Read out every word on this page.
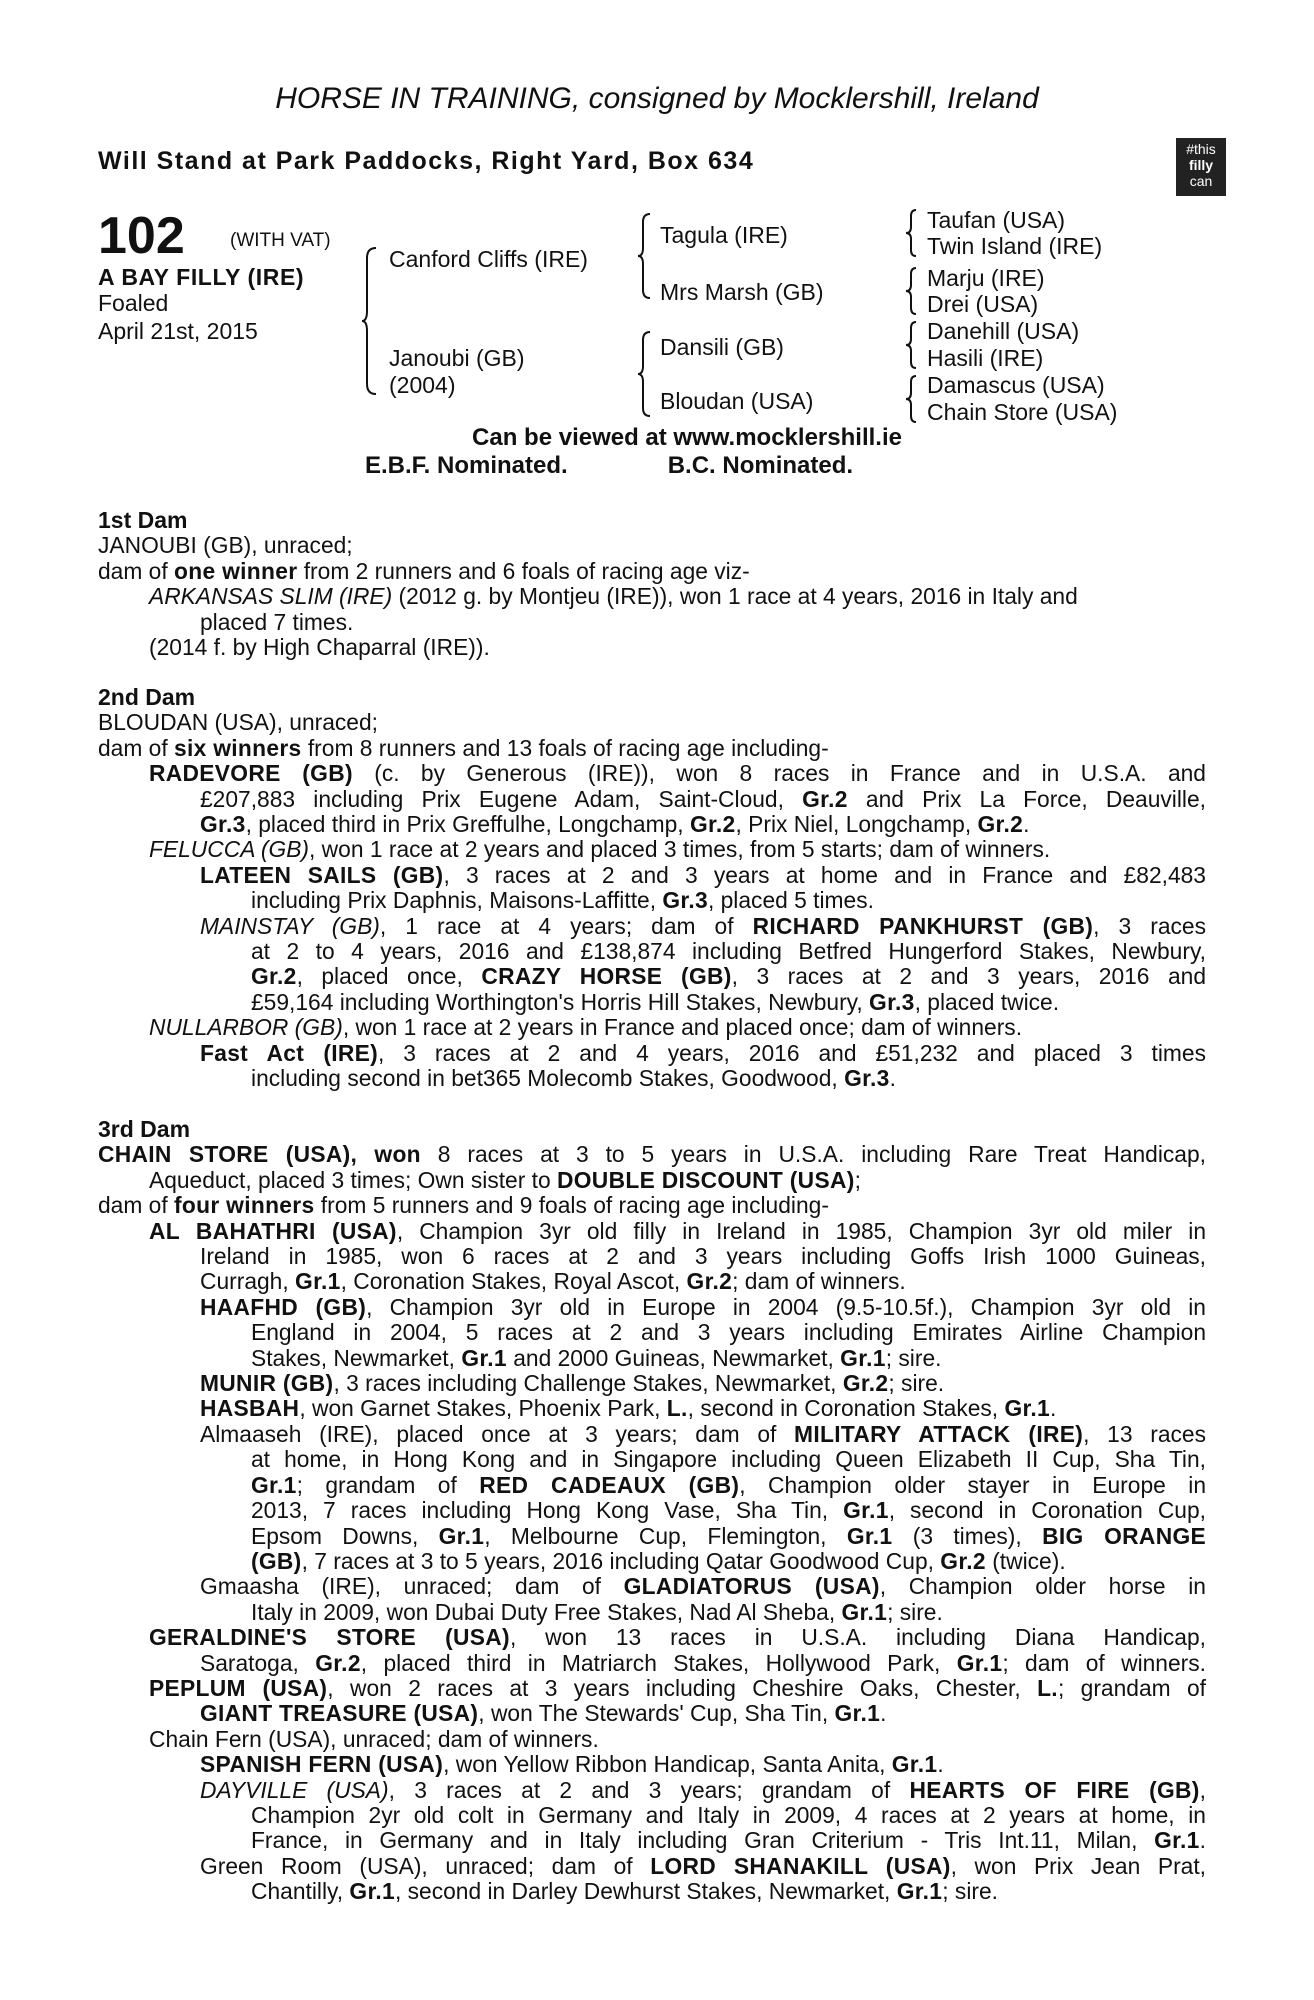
HORSE IN TRAINING, consigned by Mocklershill, Ireland
Will Stand at Park Paddocks, Right Yard, Box 634	#this
filly
can
102 (WITH VAT)
A BAY FILLY (IRE)
Foaled
April 21st, 2015
Canford Cliffs (IRE)
Janoubi (GB)
(2004)
Tagula (IRE)
Mrs Marsh (GB)
Dansili (GB)
Bloudan (USA)
Taufan (USA)
Twin Island (IRE)
Marju (IRE)
Drei (USA)
Danehill (USA)
Hasili (IRE)
Damascus (USA)
Chain Store (USA)
Can be viewed at www.mocklershill.ie
E.B.F. Nominated.	B.C. Nominated.
1st Dam
JANOUBI (GB), unraced;
dam of one winner from 2 runners and 6 foals of racing age viz-
ARKANSAS SLIM (IRE) (2012 g. by Montjeu (IRE)), won 1 race at 4 years, 2016 in Italy and
placed 7 times.
(2014 f. by High Chaparral (IRE)).
2nd Dam
BLOUDAN (USA), unraced;
dam of six winners from 8 runners and 13 foals of racing age including-
RADEVORE (GB) (c. by Generous (IRE)), won 8 races in France and in U.S.A. and
£207,883 including Prix Eugene Adam, Saint-Cloud, Gr.2 and Prix La Force, Deauville,
Gr.3, placed third in Prix Greffulhe, Longchamp, Gr.2, Prix Niel, Longchamp, Gr.2.
FELUCCA (GB), won 1 race at 2 years and placed 3 times, from 5 starts; dam of winners.
LATEEN SAILS (GB), 3 races at 2 and 3 years at home and in France and £82,483
including Prix Daphnis, Maisons-Laffitte, Gr.3, placed 5 times.
MAINSTAY (GB), 1 race at 4 years; dam of RICHARD PANKHURST (GB), 3 races
at 2 to 4 years, 2016 and £138,874 including Betfred Hungerford Stakes, Newbury,
Gr.2, placed once, CRAZY HORSE (GB), 3 races at 2 and 3 years, 2016 and
£59,164 including Worthington's Horris Hill Stakes, Newbury, Gr.3, placed twice.
NULLARBOR (GB), won 1 race at 2 years in France and placed once; dam of winners.
Fast Act (IRE), 3 races at 2 and 4 years, 2016 and £51,232 and placed 3 times
including second in bet365 Molecomb Stakes, Goodwood, Gr.3.
3rd Dam
CHAIN STORE (USA), won 8 races at 3 to 5 years in U.S.A. including Rare Treat Handicap,
Aqueduct, placed 3 times; Own sister to DOUBLE DISCOUNT (USA);
dam of four winners from 5 runners and 9 foals of racing age including-
AL BAHATHRI (USA), Champion 3yr old filly in Ireland in 1985, Champion 3yr old miler in
Ireland in 1985, won 6 races at 2 and 3 years including Goffs Irish 1000 Guineas,
Curragh, Gr.1, Coronation Stakes, Royal Ascot, Gr.2; dam of winners.
HAAFHD (GB), Champion 3yr old in Europe in 2004 (9.5-10.5f.), Champion 3yr old in
England in 2004, 5 races at 2 and 3 years including Emirates Airline Champion
Stakes, Newmarket, Gr.1 and 2000 Guineas, Newmarket, Gr.1; sire.
MUNIR (GB), 3 races including Challenge Stakes, Newmarket, Gr.2; sire.
HASBAH, won Garnet Stakes, Phoenix Park, L., second in Coronation Stakes, Gr.1.
Almaaseh (IRE), placed once at 3 years; dam of MILITARY ATTACK (IRE), 13 races
at home, in Hong Kong and in Singapore including Queen Elizabeth II Cup, Sha Tin,
Gr.1; grandam of RED CADEAUX (GB), Champion older stayer in Europe in
2013, 7 races including Hong Kong Vase, Sha Tin, Gr.1, second in Coronation Cup,
Epsom Downs, Gr.1, Melbourne Cup, Flemington, Gr.1 (3 times), BIG ORANGE
(GB), 7 races at 3 to 5 years, 2016 including Qatar Goodwood Cup, Gr.2 (twice).
Gmaasha (IRE), unraced; dam of GLADIATORUS (USA), Champion older horse in
Italy in 2009, won Dubai Duty Free Stakes, Nad Al Sheba, Gr.1; sire.
GERALDINE'S STORE (USA), won 13 races in U.S.A. including Diana Handicap,
Saratoga, Gr.2, placed third in Matriarch Stakes, Hollywood Park, Gr.1; dam of winners.
PEPLUM (USA), won 2 races at 3 years including Cheshire Oaks, Chester, L.; grandam of
GIANT TREASURE (USA), won The Stewards' Cup, Sha Tin, Gr.1.
Chain Fern (USA), unraced; dam of winners.
SPANISH FERN (USA), won Yellow Ribbon Handicap, Santa Anita, Gr.1.
DAYVILLE (USA), 3 races at 2 and 3 years; grandam of HEARTS OF FIRE (GB),
Champion 2yr old colt in Germany and Italy in 2009, 4 races at 2 years at home, in
France, in Germany and in Italy including Gran Criterium - Tris Int.11, Milan, Gr.1.
Green Room (USA), unraced; dam of LORD SHANAKILL (USA), won Prix Jean Prat,
Chantilly, Gr.1, second in Darley Dewhurst Stakes, Newmarket, Gr.1; sire.
